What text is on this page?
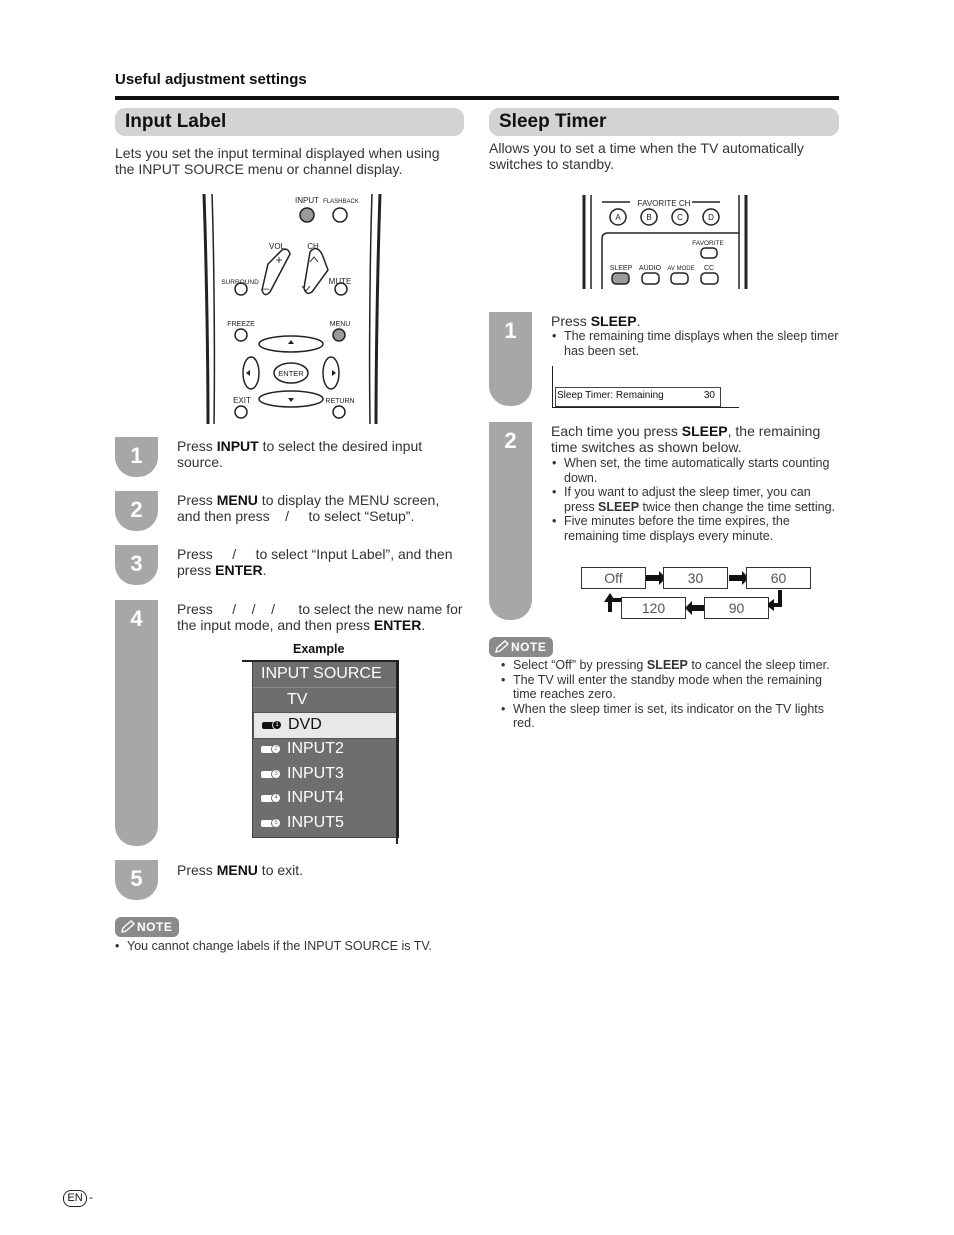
Useful adjustment settings
Input Label
Lets you set the input terminal displayed when using the INPUT SOURCE menu or channel display.
INPUT FLASHBACK
VOL	CH
SURROUND	MUTE
FREEZE	MENU
ENTER
EXIT	RETURN
+
–
1	Press INPUT to select the desired input source.
2	Press MENU to display the MENU screen, and then press    /     to select “Setup”.
3	Press     /     to select “Input Label”, and then press ENTER.
4	Press     /    /    /      to select the new name for the input mode, and then press ENTER.
Example
INPUT SOURCE
TV
1 DVD
2 INPUT2
3 INPUT3
4 INPUT4
5 INPUT5
5	Press MENU to exit.
NOTE
• You cannot change labels if the INPUT SOURCE is TV.
Sleep Timer
Allows you to set a time when the TV automatically switches to standby.
FAVORITE CH
A	B	C	D
FAVORITE
SLEEP AUDIO AV MODE CC
1	Press SLEEP.
• The remaining time displays when the sleep timer has been set.
Sleep Timer: Remaining	30
2	Each time you press SLEEP, the remaining time switches as shown below.
• When set, the time automatically starts counting down.
• If you want to adjust the sleep timer, you can press SLEEP twice then change the time setting.
• Five minutes before the time expires, the remaining time displays every minute.
Off	30	60
120	90
NOTE
• Select “Off” by pressing SLEEP to cancel the sleep timer.
• The TV will enter the standby mode when the remaining time reaches zero.
• When the sleep timer is set, its indicator on the TV lights red.
EN -
